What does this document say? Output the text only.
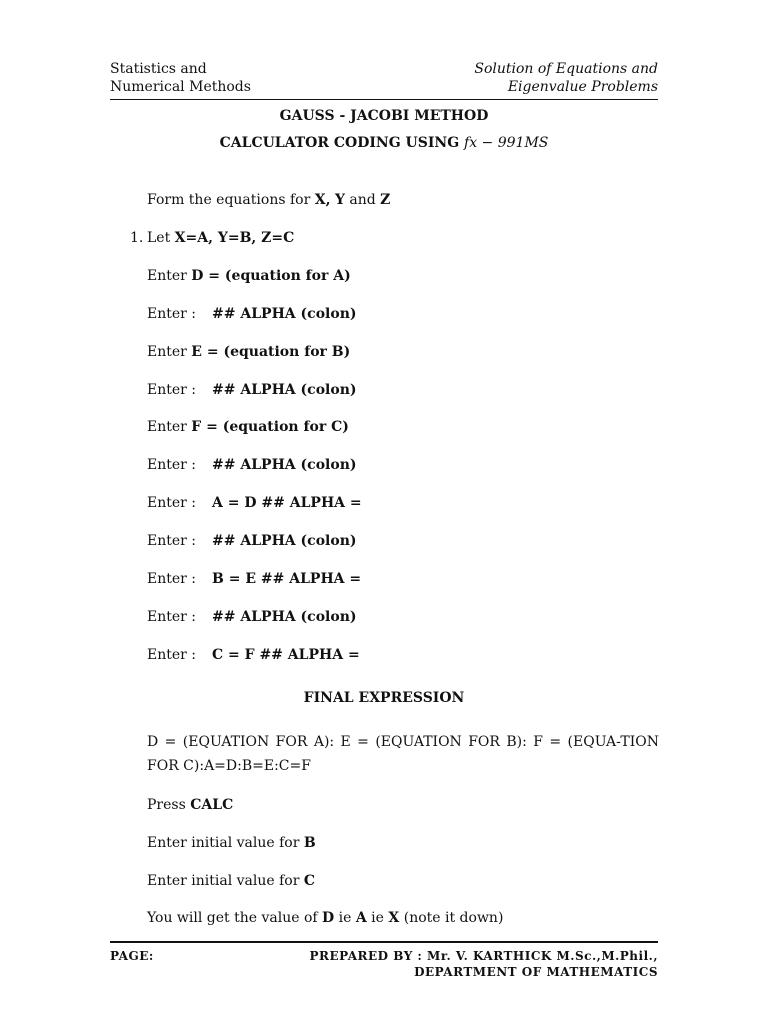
Statistics and
Numerical Methods
Solution of Equations and
Eigenvalue Problems
GAUSS - JACOBI METHOD
CALCULATOR CODING USING fx − 991MS
Form the equations for X, Y and Z
1. Let X=A, Y=B, Z=C
Enter D = (equation for A)
Enter : ## ALPHA (colon)
Enter E = (equation for B)
Enter : ## ALPHA (colon)
Enter F = (equation for C)
Enter : ## ALPHA (colon)
Enter : A = D ## ALPHA =
Enter : ## ALPHA (colon)
Enter : B = E ## ALPHA =
Enter : ## ALPHA (colon)
Enter : C = F ## ALPHA =
FINAL EXPRESSION
D = (EQUATION FOR A): E = (EQUATION FOR B): F = (EQUA-TION FOR C):A=D:B=E:C=F
Press CALC
Enter initial value for B
Enter initial value for C
You will get the value of D ie A ie X (note it down)
PAGE:	PREPARED BY : Mr. V. KARTHICK M.Sc.,M.Phil.,
DEPARTMENT OF MATHEMATICS
